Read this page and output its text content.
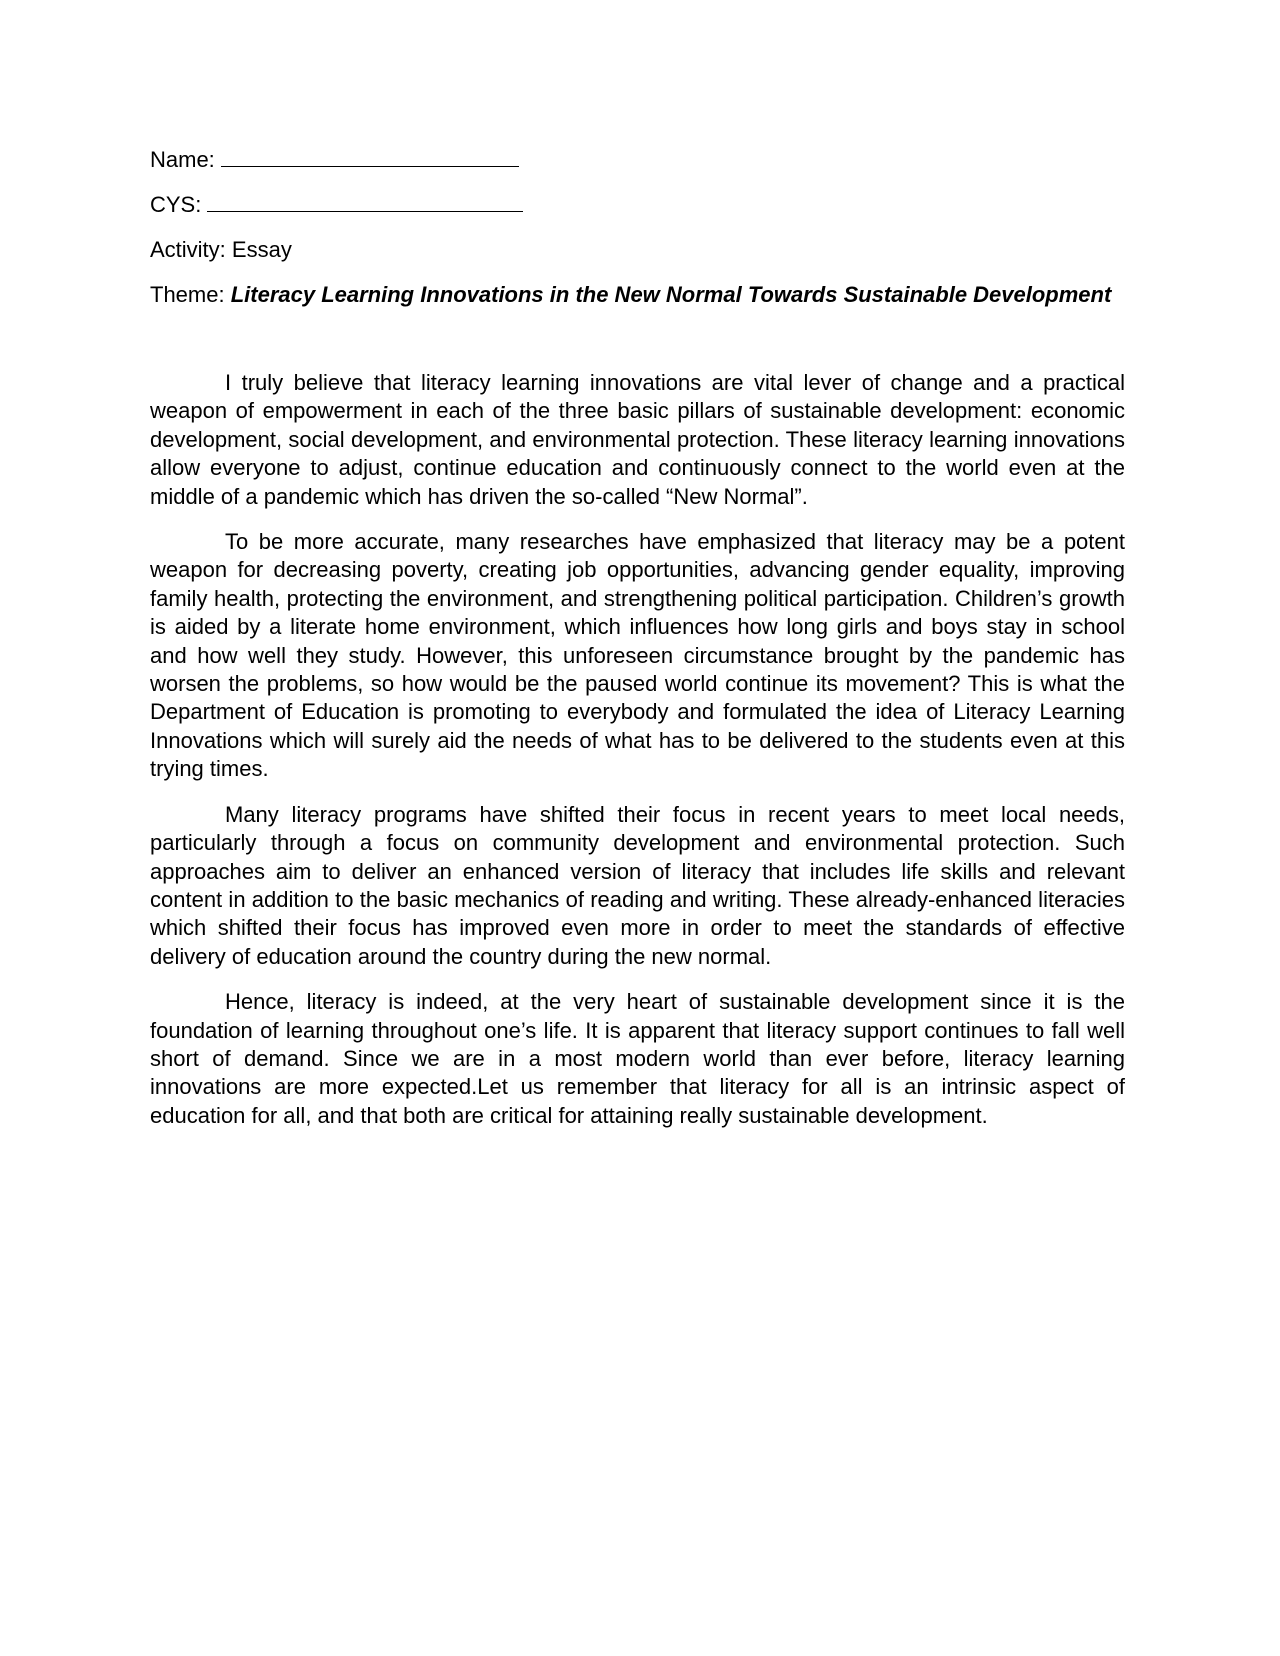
Name:
CYS:
Activity: Essay

Theme: Literacy Learning Innovations in the New Normal Towards Sustainable Development

I truly believe that literacy learning innovations are vital lever of change and a practical weapon of empowerment in each of the three basic pillars of sustainable development: economic development, social development, and environmental protection. These literacy learning innovations allow everyone to adjust, continue education and continuously connect to the world even at the middle of a pandemic which has driven the so-called “New Normal”.

To be more accurate, many researches have emphasized that literacy may be a potent weapon for decreasing poverty, creating job opportunities, advancing gender equality, improving family health, protecting the environment, and strengthening political participation. Children’s growth is aided by a literate home environment, which influences how long girls and boys stay in school and how well they study. However, this unforeseen circumstance brought by the pandemic has worsen the problems, so how would be the paused world continue its movement? This is what the Department of Education is promoting to everybody and formulated the idea of Literacy Learning Innovations which will surely aid the needs of what has to be delivered to the students even at this trying times.

Many literacy programs have shifted their focus in recent years to meet local needs, particularly through a focus on community development and environmental protection. Such approaches aim to deliver an enhanced version of literacy that includes life skills and relevant content in addition to the basic mechanics of reading and writing. These already-enhanced literacies which shifted their focus has improved even more in order to meet the standards of effective delivery of education around the country during the new normal.

Hence, literacy is indeed, at the very heart of sustainable development since it is the foundation of learning throughout one’s life. It is apparent that literacy support continues to fall well short of demand. Since we are in a most modern world than ever before, literacy learning innovations are more expected.Let us remember that literacy for all is an intrinsic aspect of education for all, and that both are critical for attaining really sustainable development.
